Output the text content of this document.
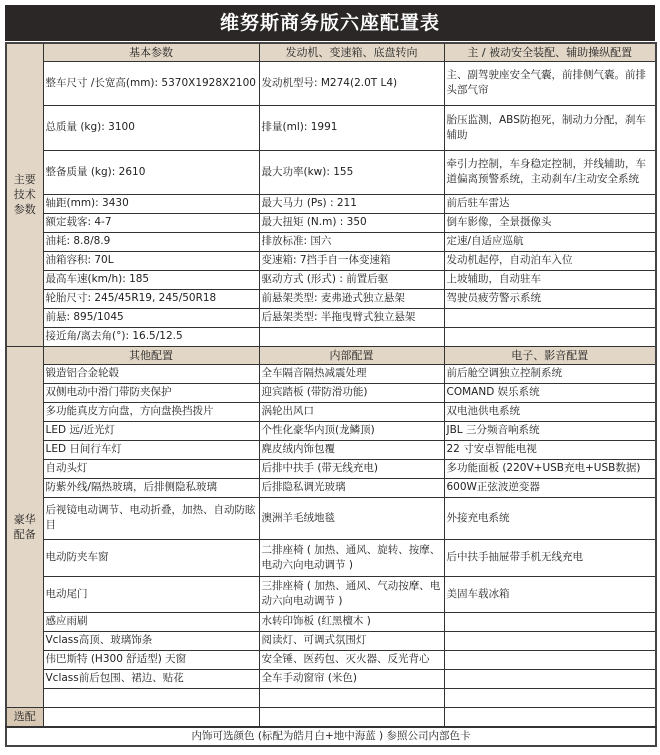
维努斯商务版六座配置表
主要
技术
参数	基本参数	发动机、变速箱、底盘转向	主 / 被动安全装配、辅助操纵配置
	整车尺寸 /长宽高(mm): 5370X1928X2100	发动机型号: M274(2.0T L4)	主、副驾驶座安全气囊，前排侧气囊。前排头部气帘
	总质量 (kg): 3100	排量(ml): 1991	胎压监测，ABS防抱死，制动力分配，刹车辅助
	整备质量 (kg): 2610	最大功率(kw): 155	牵引力控制，车身稳定控制，并线辅助，车道偏离预警系统，主动刹车/主动安全系统
	轴距(mm): 3430	最大马力 (Ps) : 211	前后驻车雷达
	额定载客: 4-7	最大扭矩 (N.m) : 350	倒车影像，全景摄像头
	油耗: 8.8/8.9	排放标准: 国六	定速/自适应巡航
	油箱容积: 70L	变速箱: 7挡手自一体变速箱	发动机起停，自动泊车入位
	最高车速(km/h): 185	驱动方式 (形式) : 前置后驱	上坡辅助，自动驻车
	轮胎尺寸: 245/45R19, 245/50R18	前悬架类型: 麦弗逊式独立悬架	驾驶员疲劳警示系统
	前悬: 895/1045	后悬架类型: 半拖曳臂式独立悬架	
	接近角/离去角(°): 16.5/12.5		
豪华
配备	其他配置	内部配置	电子、影音配置
	锻造铝合金轮毂	全车隔音隔热减震处理	前后舱空调独立控制系统
	双侧电动中滑门带防夹保护	迎宾踏板 (带防滑功能)	COMAND 娱乐系统
	多功能真皮方向盘，方向盘换挡拨片	涡轮出风口	双电池供电系统
	LED 远/近光灯	个性化豪华内顶(龙鳞顶)	JBL 三分频音响系统
	LED 日间行车灯	麂皮绒内饰包覆	22 寸安卓智能电视
	自动头灯	后排中扶手 (带无线充电)	多功能面板 (220V+USB充电+USB数据)
	防紫外线/隔热玻璃，后排侧隐私玻璃	后排隐私调光玻璃	600W正弦波逆变器
	后视镜电动调节、电动折叠，加热、自动防眩目	澳洲羊毛绒地毯	外接充电系统
	电动防夹车窗	二排座椅 ( 加热、通风、旋转、按摩、电动六向电动调节 )	后中扶手抽屉带手机无线充电
	电动尾门	三排座椅 ( 加热、通风、气动按摩、电动六向电动调节 )	美固车载冰箱
	感应雨刷	水转印饰板 (红黑檀木 )	
	Vclass高顶、玻璃饰条	阅读灯、可调式氛围灯	
	伟巴斯特 (H300 舒适型) 天窗	安全锤、医药包、灭火器、反光背心	
	Vclass前后包围、裙边、贴花	全车手动窗帘 (米色)	

选配			
内饰可选颜色 (标配为皓月白+地中海蓝 ) 参照公司内部色卡			
